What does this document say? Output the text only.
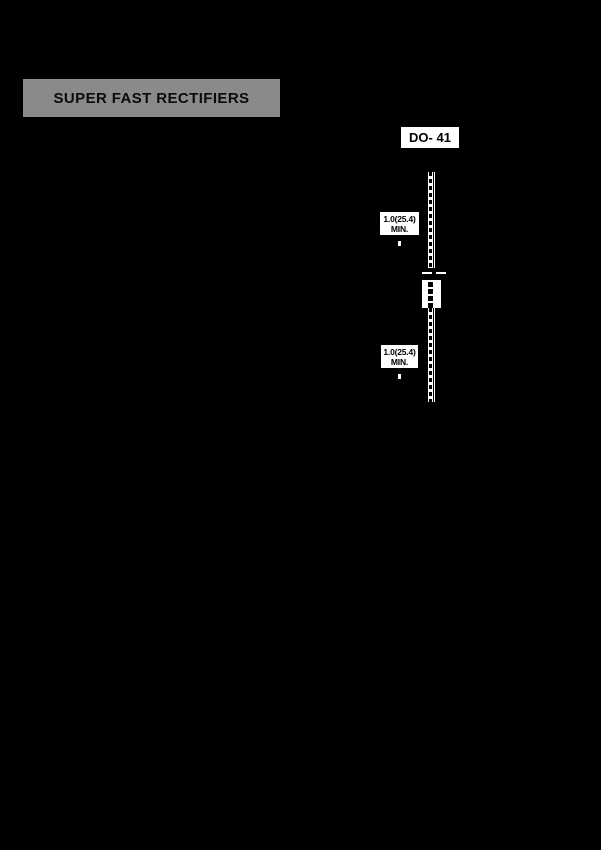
SUPER FAST RECTIFIERS
DO- 41
1.0(25.4)
MIN.
1.0(25.4)
MIN.
